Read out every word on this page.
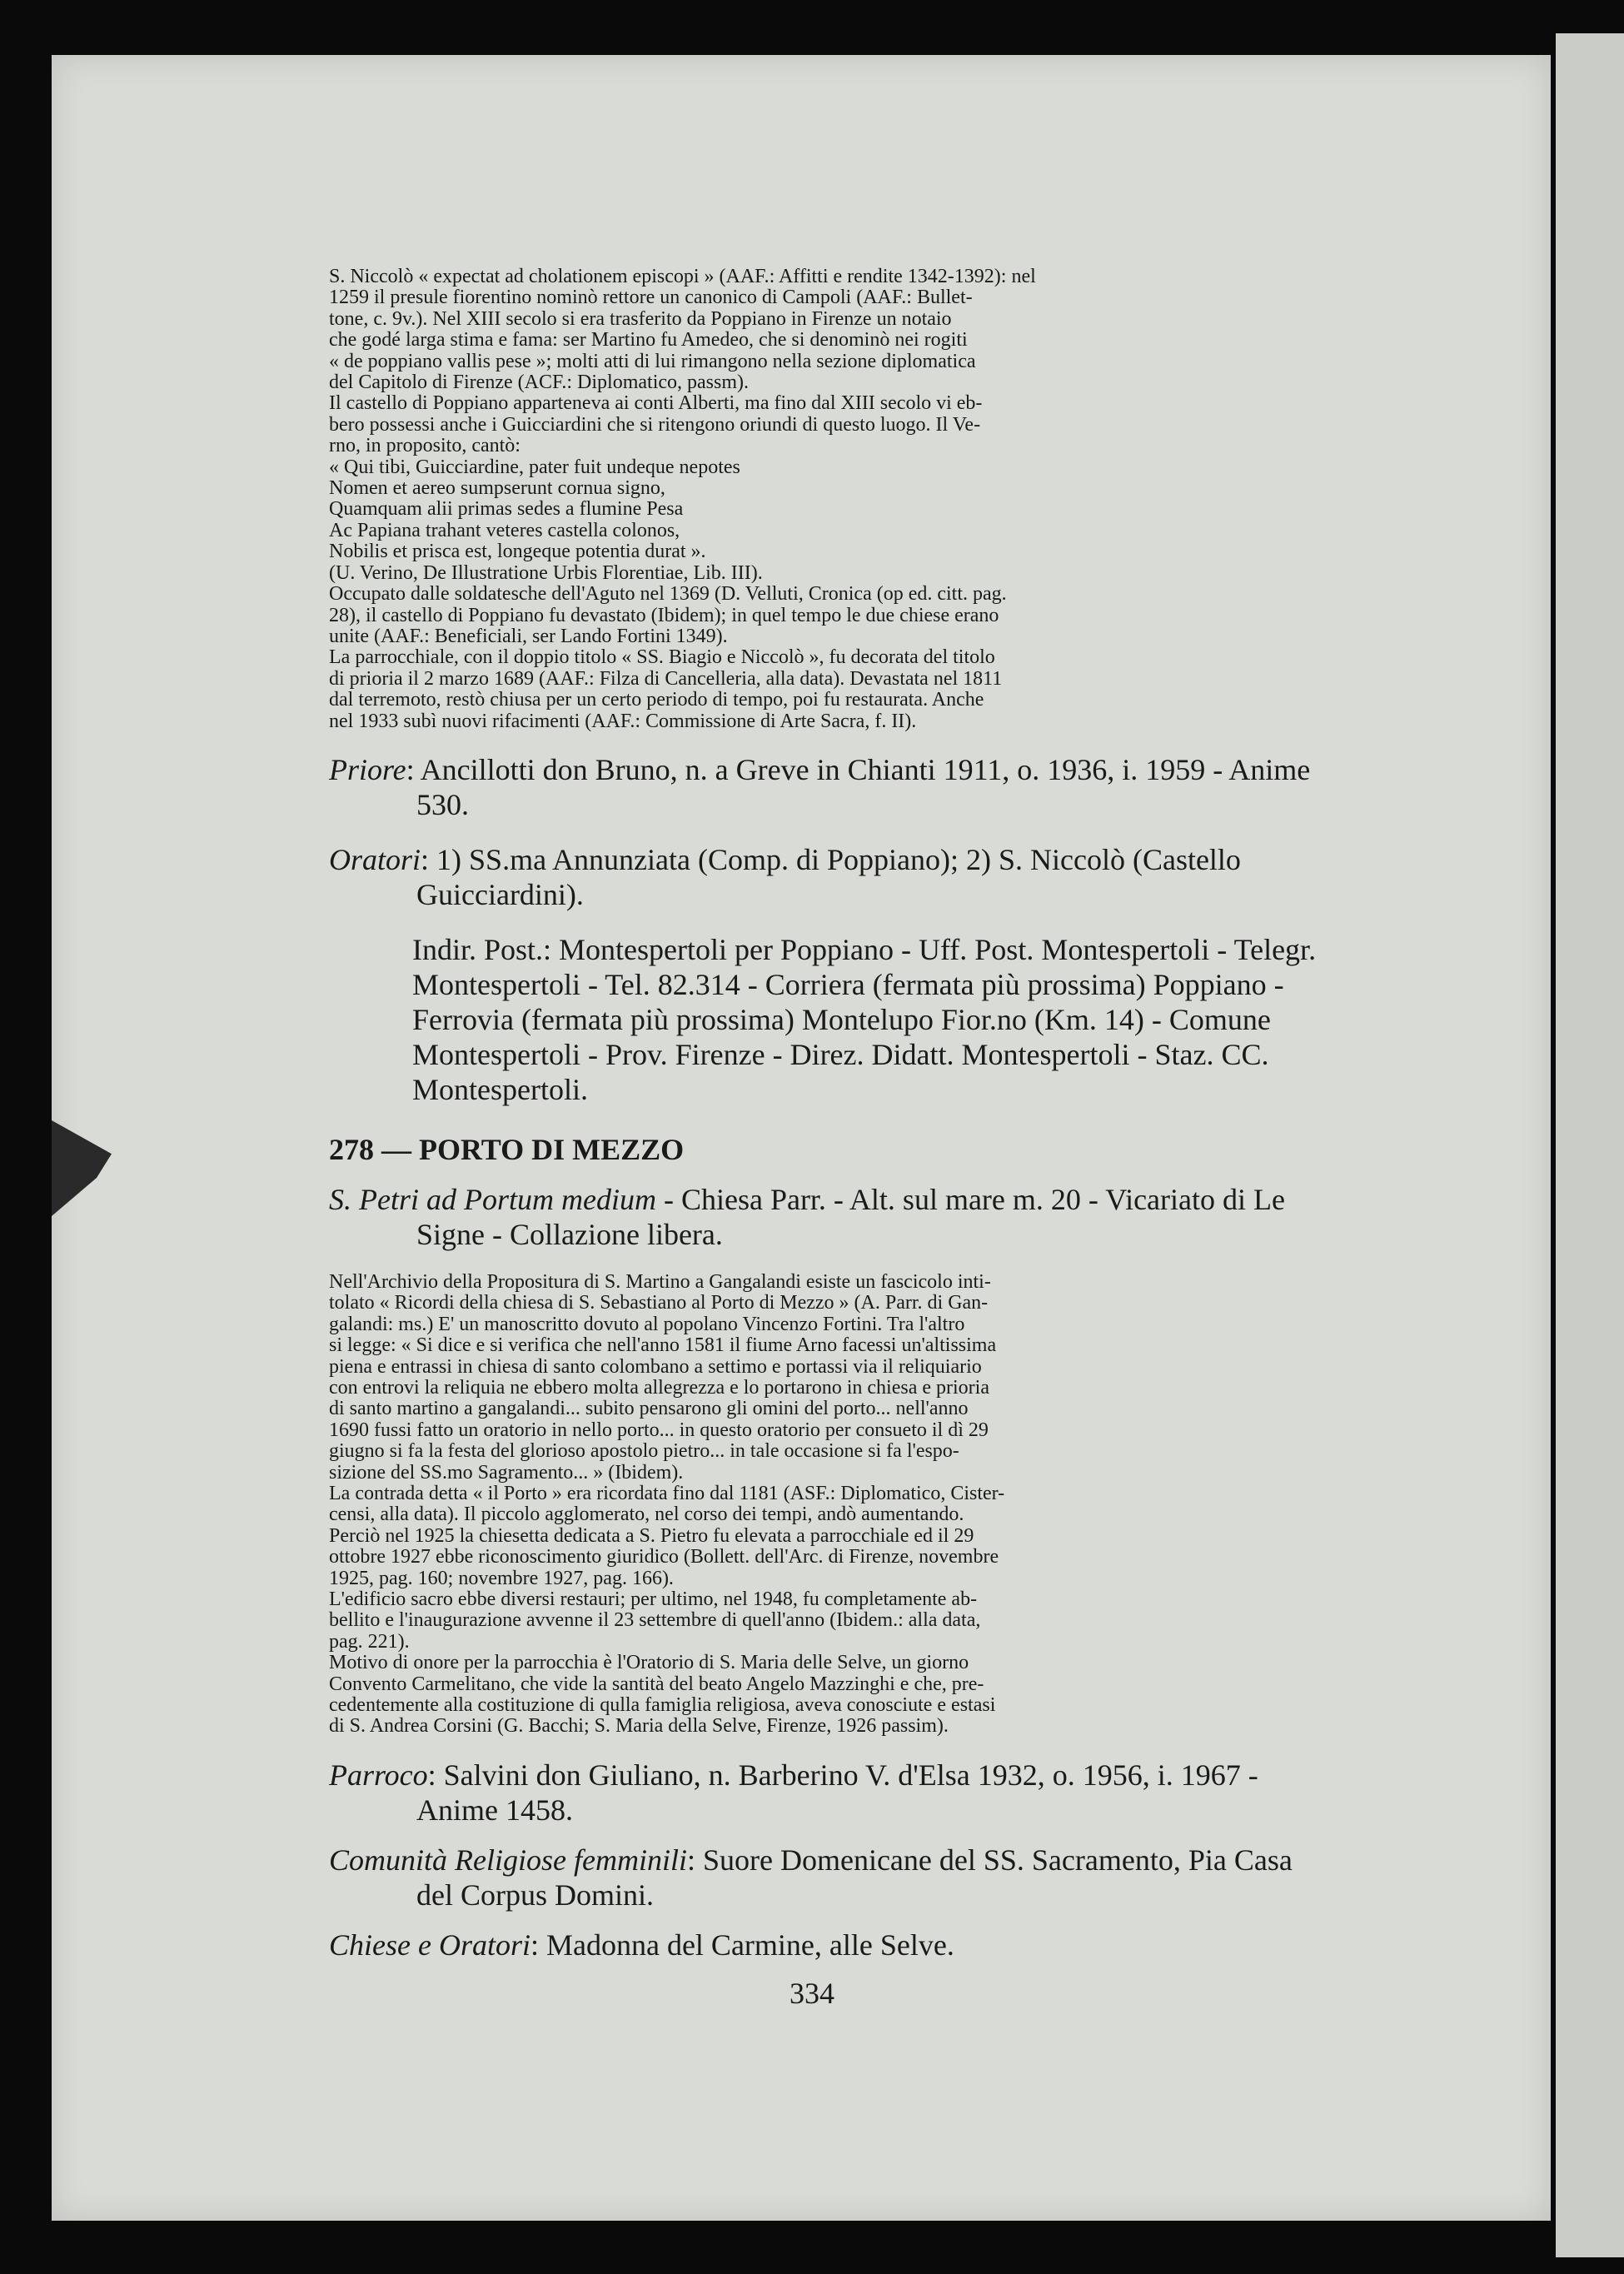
S. Niccolò « expectat ad cholationem episcopi » (AAF.: Affitti e rendite 1342-1392): nel

1259 il presule fiorentino nominò rettore un canonico di Campoli (AAF.: Bullet-

tone, c. 9v.). Nel XIII secolo si era trasferito da Poppiano in Firenze un notaio

che godé larga stima e fama: ser Martino fu Amedeo, che si denominò nei rogiti

« de poppiano vallis pese »; molti atti di lui rimangono nella sezione diplomatica

del Capitolo di Firenze (ACF.: Diplomatico, passm).

Il castello di Poppiano apparteneva ai conti Alberti, ma fino dal XIII secolo vi eb-

bero possessi anche i Guicciardini che si ritengono oriundi di questo luogo. Il Ve-

rno, in proposito, cantò:

« Qui tibi, Guicciardine, pater fuit undeque nepotes

Nomen et aereo sumpserunt cornua signo,

Quamquam alii primas sedes a flumine Pesa

Ac Papiana trahant veteres castella colonos,

Nobilis et prisca est, longeque potentia durat ».

(U. Verino, De Illustratione Urbis Florentiae, Lib. III).

Occupato dalle soldatesche dell'Aguto nel 1369 (D. Velluti, Cronica (op ed. citt. pag.

28), il castello di Poppiano fu devastato (Ibidem); in quel tempo le due chiese erano

unite (AAF.: Beneficiali, ser Lando Fortini 1349).

La parrocchiale, con il doppio titolo « SS. Biagio e Niccolò », fu decorata del titolo

di prioria il 2 marzo 1689 (AAF.: Filza di Cancelleria, alla data). Devastata nel 1811

dal terremoto, restò chiusa per un certo periodo di tempo, poi fu restaurata. Anche

nel 1933 subì nuovi rifacimenti (AAF.: Commissione di Arte Sacra, f. II).

Priore: Ancillotti don Bruno, n. a Greve in Chianti 1911, o. 1936, i. 1959 - Anime 530.

Oratori: 1) SS.ma Annunziata (Comp. di Poppiano); 2) S. Niccolò (Castello Guicciardini).

Indir. Post.: Montespertoli per Poppiano - Uff. Post. Montespertoli - Telegr. Montespertoli - Tel. 82.314 - Corriera (fermata più prossima) Poppiano - Ferrovia (fermata più prossima) Montelupo Fior.no (Km. 14) - Comune Montespertoli - Prov. Firenze - Direz. Didatt. Montespertoli - Staz. CC. Montespertoli.

278 — PORTO DI MEZZO

S. Petri ad Portum medium - Chiesa Parr. - Alt. sul mare m. 20 - Vicariato di Le Signe - Collazione libera.

Nell'Archivio della Propositura di S. Martino a Gangalandi esiste un fascicolo inti-

tolato « Ricordi della chiesa di S. Sebastiano al Porto di Mezzo » (A. Parr. di Gan-

galandi: ms.) E' un manoscritto dovuto al popolano Vincenzo Fortini. Tra l'altro

si legge: « Si dice e si verifica che nell'anno 1581 il fiume Arno facessi un'altissima

piena e entrassi in chiesa di santo colombano a settimo e portassi via il reliquiario

con entrovi la reliquia ne ebbero molta allegrezza e lo portarono in chiesa e prioria

di santo martino a gangalandi... subito pensarono gli omini del porto... nell'anno

1690 fussi fatto un oratorio in nello porto... in questo oratorio per consueto il dì 29

giugno si fa la festa del glorioso apostolo pietro... in tale occasione si fa l'espo-

sizione del SS.mo Sagramento... » (Ibidem).

La contrada detta « il Porto » era ricordata fino dal 1181 (ASF.: Diplomatico, Cister-

censi, alla data). Il piccolo agglomerato, nel corso dei tempi, andò aumentando.

Perciò nel 1925 la chiesetta dedicata a S. Pietro fu elevata a parrocchiale ed il 29

ottobre 1927 ebbe riconoscimento giuridico (Bollett. dell'Arc. di Firenze, novembre

1925, pag. 160; novembre 1927, pag. 166).

L'edificio sacro ebbe diversi restauri; per ultimo, nel 1948, fu completamente ab-

bellito e l'inaugurazione avvenne il 23 settembre di quell'anno (Ibidem.: alla data,

pag. 221).

Motivo di onore per la parrocchia è l'Oratorio di S. Maria delle Selve, un giorno

Convento Carmelitano, che vide la santità del beato Angelo Mazzinghi e che, pre-

cedentemente alla costituzione di qulla famiglia religiosa, aveva conosciute e estasi

di S. Andrea Corsini (G. Bacchi; S. Maria della Selve, Firenze, 1926 passim).

Parroco: Salvini don Giuliano, n. Barberino V. d'Elsa 1932, o. 1956, i. 1967 - Anime 1458.

Comunità Religiose femminili: Suore Domenicane del SS. Sacramento, Pia Casa del Corpus Domini.

Chiese e Oratori: Madonna del Carmine, alle Selve.

334
